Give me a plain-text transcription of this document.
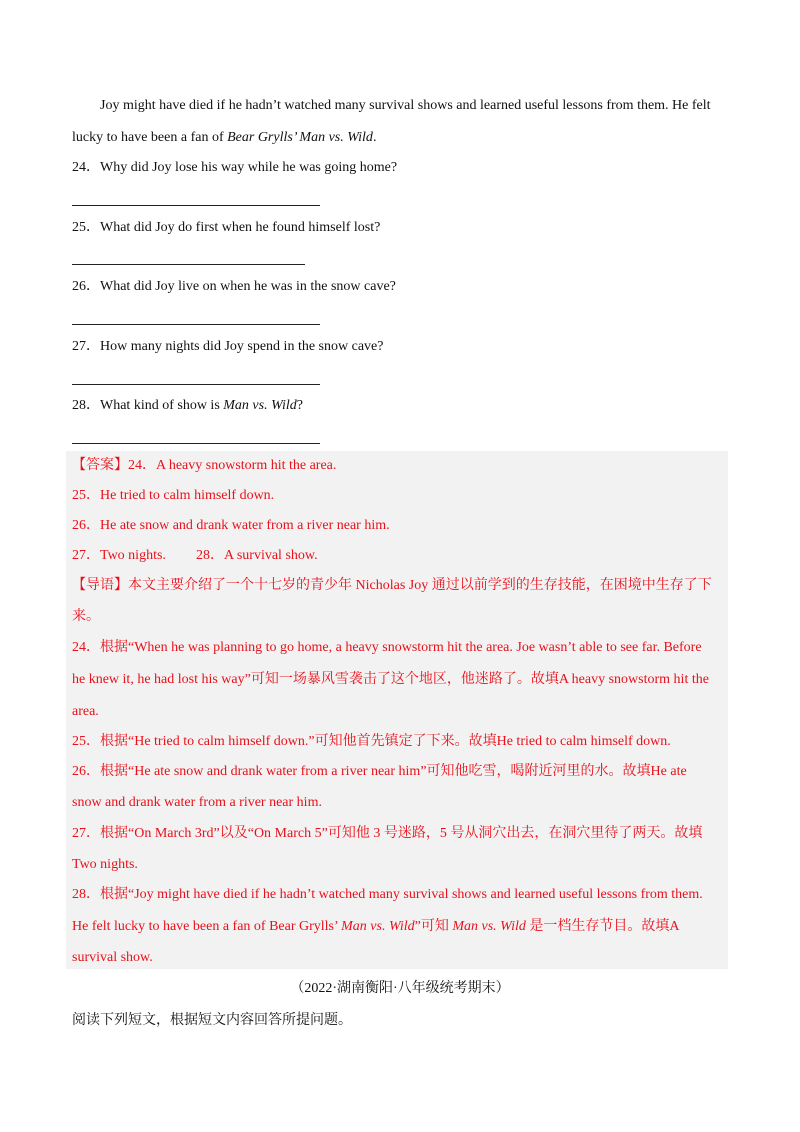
Joy might have died if he hadn’t watched many survival shows and learned useful lessons from them. He felt
lucky to have been a fan of Bear Grylls’ Man vs. Wild.
24．Why did Joy lose his way while he was going home?
25．What did Joy do first when he found himself lost?
26．What did Joy live on when he was in the snow cave?
27．How many nights did Joy spend in the snow cave?
28．What kind of show is Man vs. Wild?
【答案】24．A heavy snowstorm hit the area.
25．He tried to calm himself down.
26．He ate snow and drank water from a river near him.
27．Two nights. 28．A survival show.
【导语】本文主要介绍了一个十七岁的青少年 Nicholas Joy 通过以前学到的生存技能，在困境中生存了下
来。
24．根据“When he was planning to go home, a heavy snowstorm hit the area. Joe wasn’t able to see far. Before
he knew it, he had lost his way”可知一场暴风雪袭击了这个地区，他迷路了。故填A heavy snowstorm hit the
area.
25．根据“He tried to calm himself down.”可知他首先镇定了下来。故填He tried to calm himself down.
26．根据“He ate snow and drank water from a river near him”可知他吃雪，喝附近河里的水。故填He ate
snow and drank water from a river near him.
27．根据“On March 3rd”以及“On March 5”可知他 3 号迷路，5 号从洞穴出去，在洞穴里待了两天。故填
Two nights.
28．根据“Joy might have died if he hadn’t watched many survival shows and learned useful lessons from them.
He felt lucky to have been a fan of Bear Grylls’ Man vs. Wild”可知 Man vs. Wild 是一档生存节目。故填A
survival show.
（2022·湖南衡阳·八年级统考期末）
阅读下列短文，根据短文内容回答所提问题。
